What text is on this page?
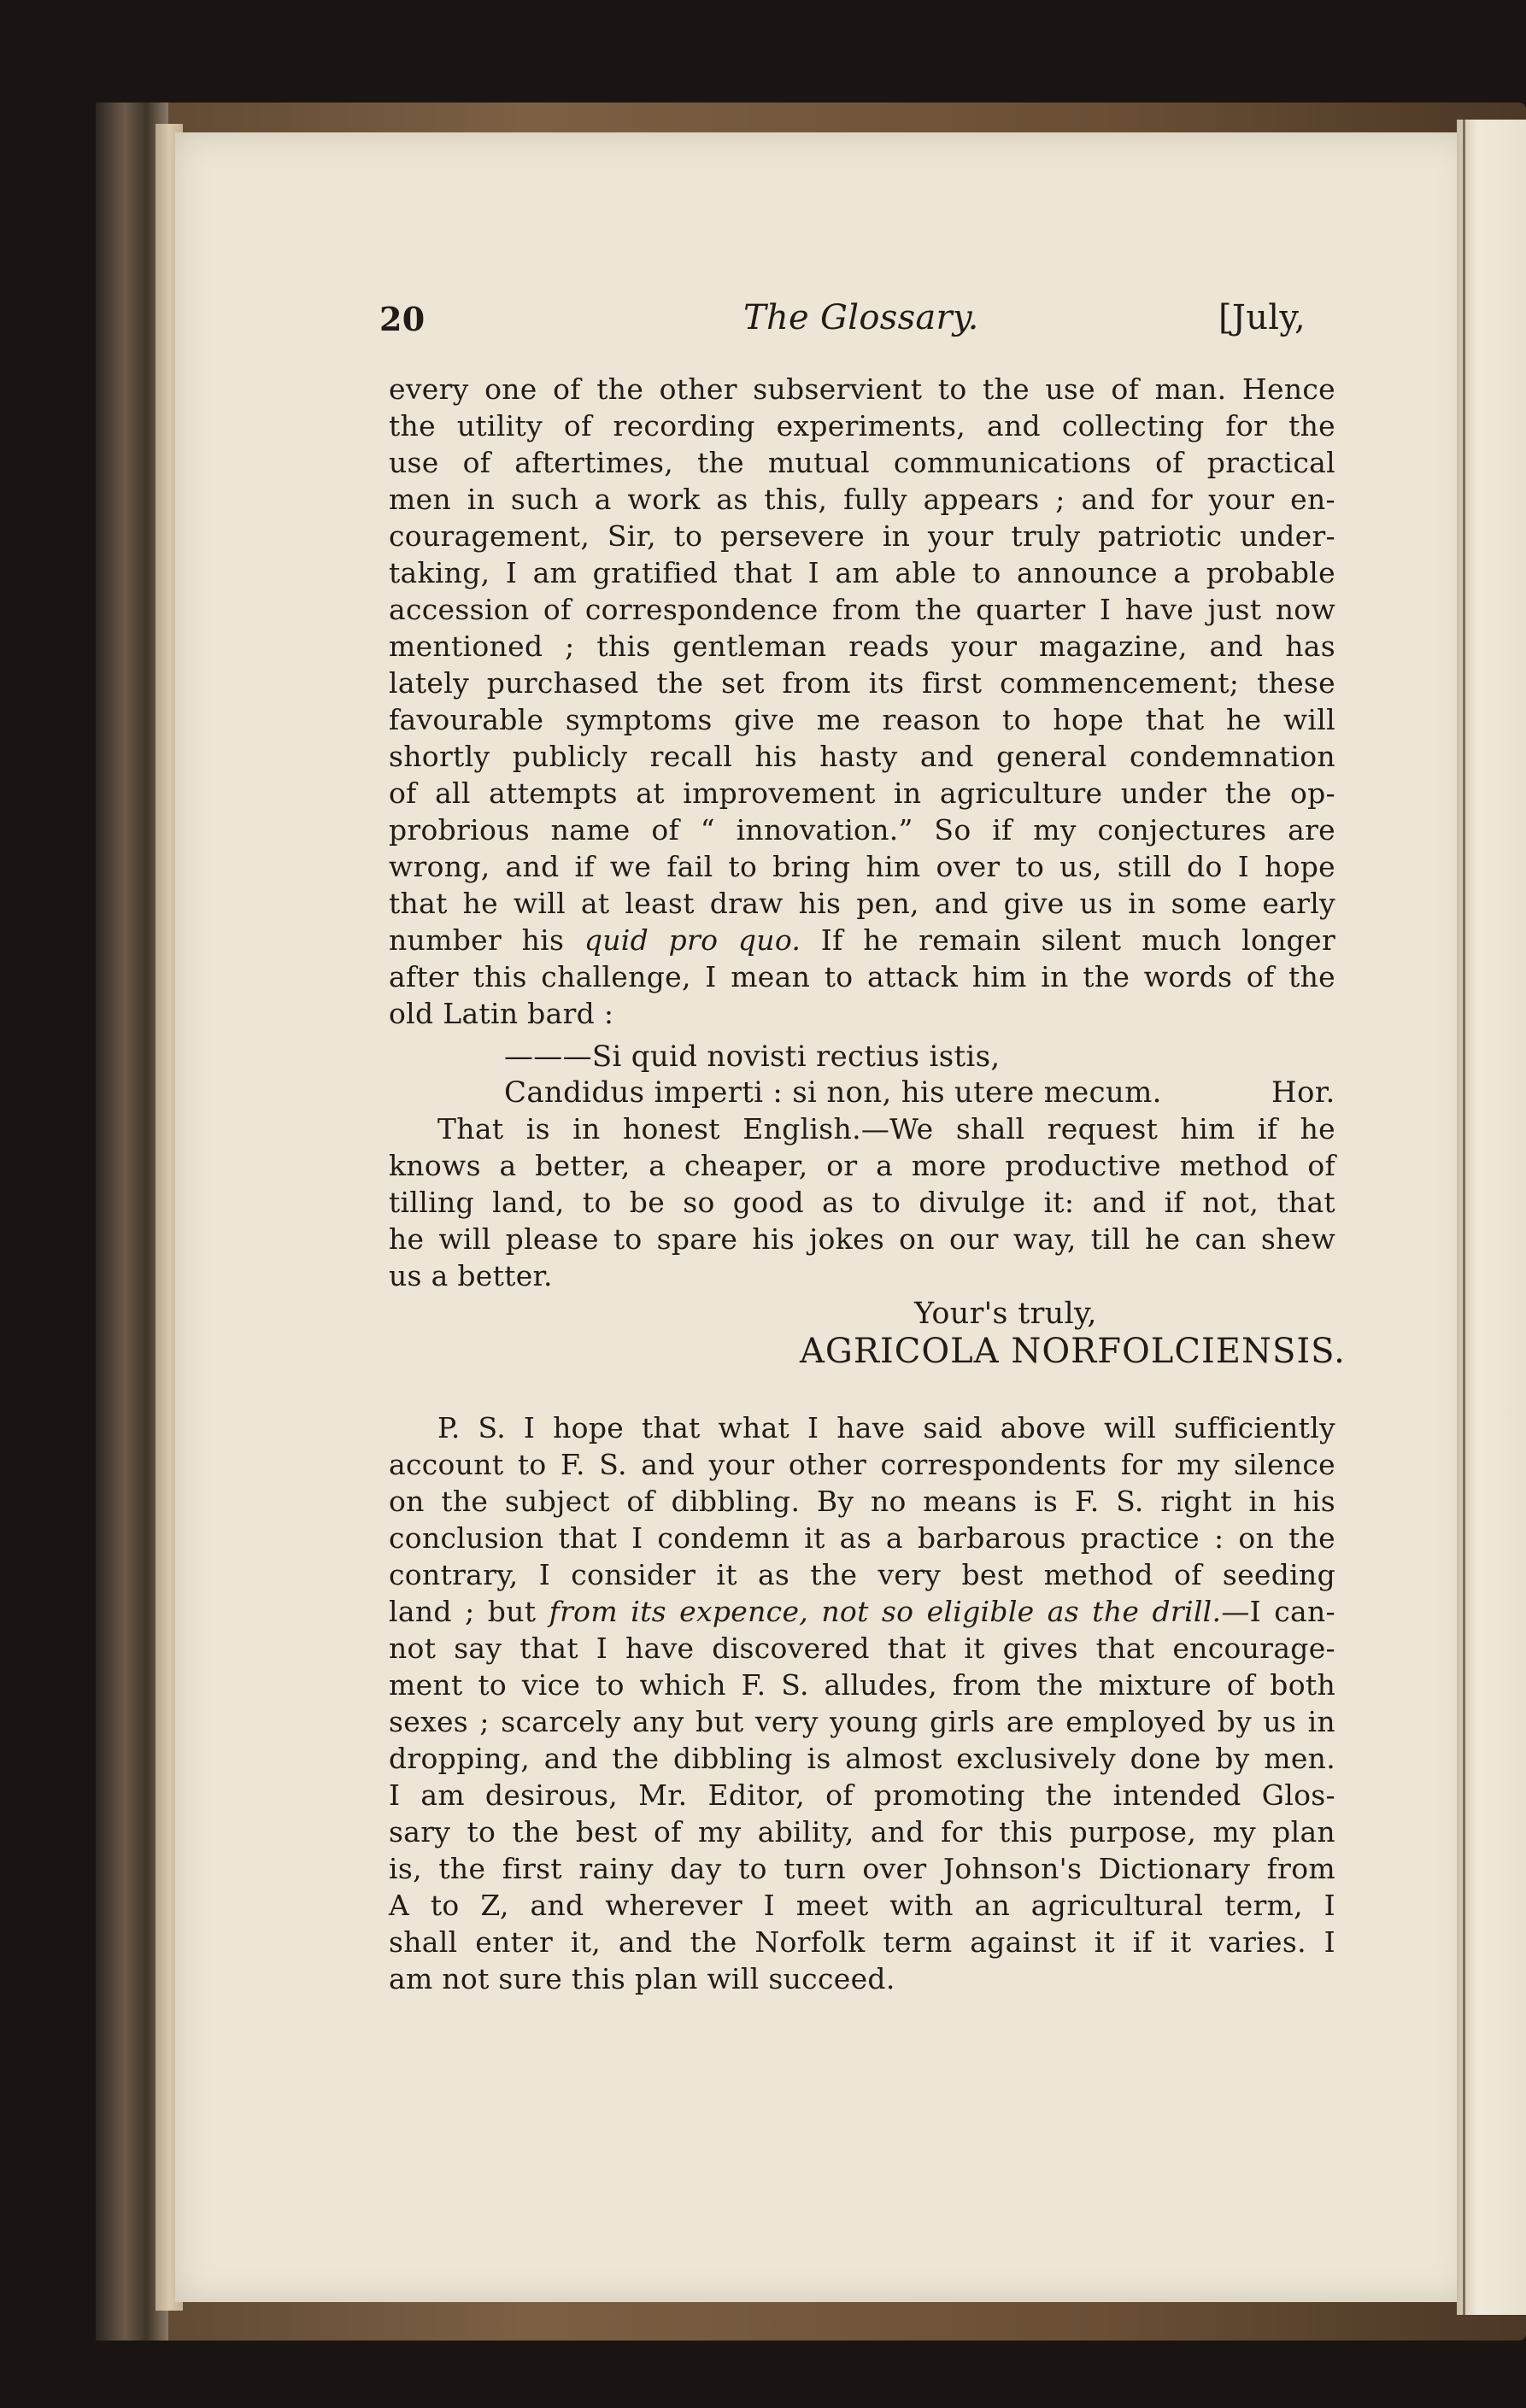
20	The Glossary.	[July,
every one of the other subservient to the use of man. Hence
the utility of recording experiments, and collecting for the
use of aftertimes, the mutual communications of practical
men in such a work as this, fully appears ; and for your en-
couragement, Sir, to persevere in your truly patriotic under-
taking, I am gratified that I am able to announce a probable
accession of correspondence from the quarter I have just now
mentioned ; this gentleman reads your magazine, and has
lately purchased the set from its first commencement; these
favourable symptoms give me reason to hope that he will
shortly publicly recall his hasty and general condemnation
of all attempts at improvement in agriculture under the op-
probrious name of “ innovation.” So if my conjectures are
wrong, and if we fail to bring him over to us, still do I hope
that he will at least draw his pen, and give us in some early
number his quid pro quo. If he remain silent much longer
after this challenge, I mean to attack him in the words of the
old Latin bard :
———Si quid novisti rectius istis,
Candidus imperti : si non, his utere mecum.	Hor.
That is in honest English.—We shall request him if he
knows a better, a cheaper, or a more productive method of
tilling land, to be so good as to divulge it: and if not, that
he will please to spare his jokes on our way, till he can shew
us a better.
Your's truly,
AGRICOLA NORFOLCIENSIS.
P. S. I hope that what I have said above will sufficiently
account to F. S. and your other correspondents for my silence
on the subject of dibbling. By no means is F. S. right in his
conclusion that I condemn it as a barbarous practice : on the
contrary, I consider it as the very best method of seeding
land ; but from its expence, not so eligible as the drill.—I can-
not say that I have discovered that it gives that encourage-
ment to vice to which F. S. alludes, from the mixture of both
sexes ; scarcely any but very young girls are employed by us in
dropping, and the dibbling is almost exclusively done by men.
I am desirous, Mr. Editor, of promoting the intended Glos-
sary to the best of my ability, and for this purpose, my plan
is, the first rainy day to turn over Johnson's Dictionary from
A to Z, and wherever I meet with an agricultural term, I
shall enter it, and the Norfolk term against it if it varies. I
am not sure this plan will succeed.
